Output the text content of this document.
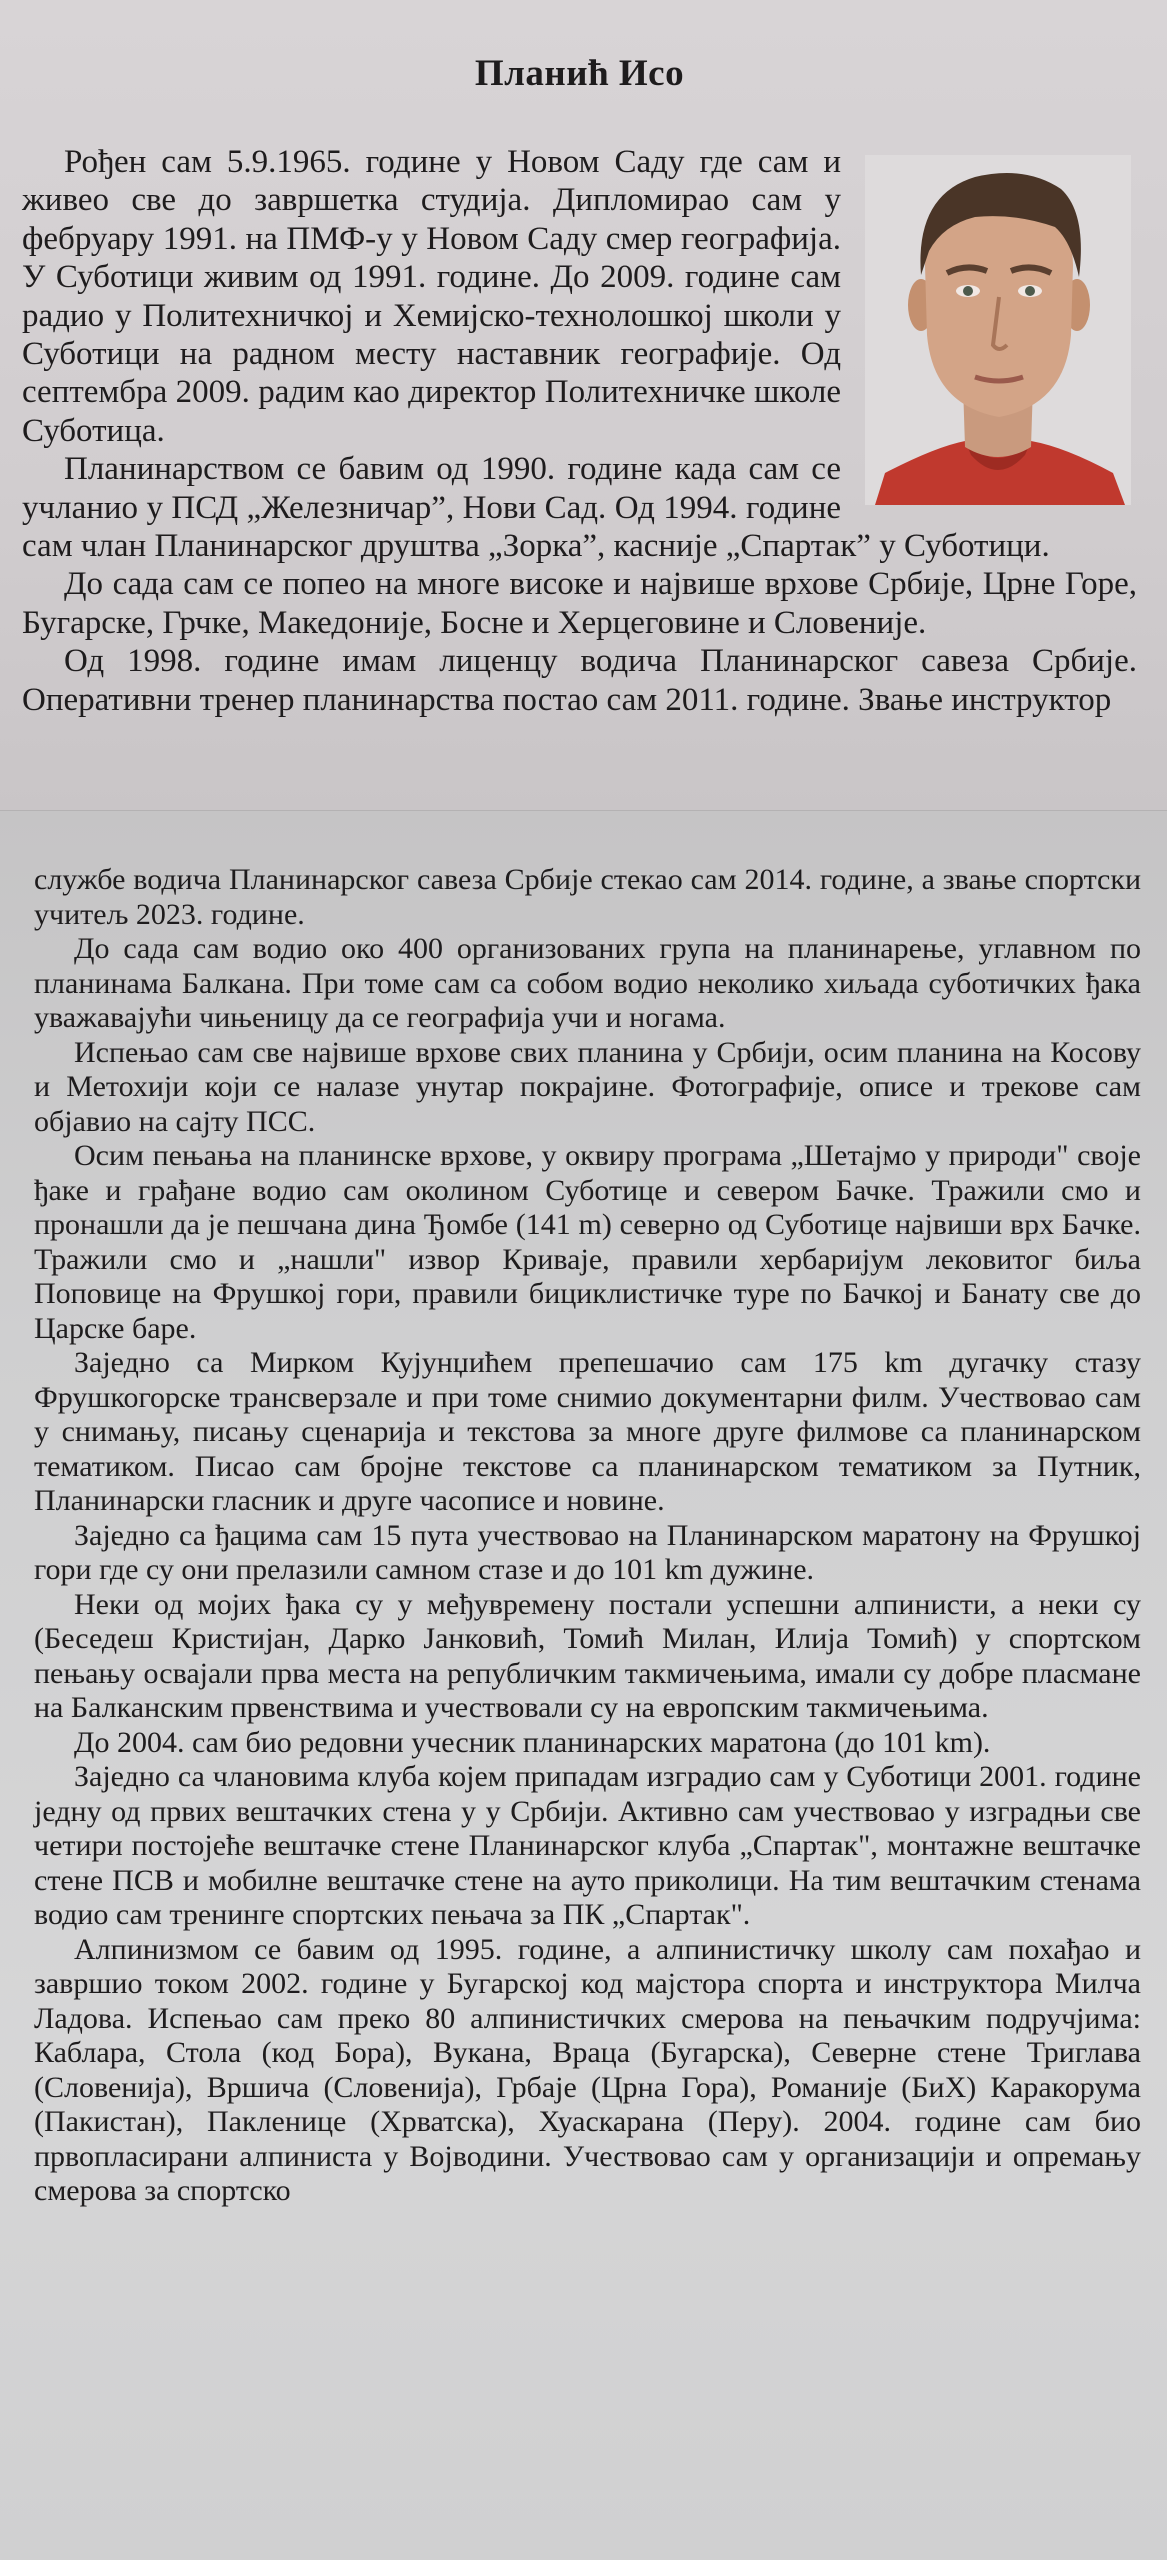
Планић Исо

Рођен сам 5.9.1965. године у Новом Саду где сам и живео све до завршетка студија. Дипломирао сам у фебруару 1991. на ПМФ-у у Новом Саду смер географија. У Суботици живим од 1991. године. До 2009. године сам радио у Политехничкој и Хемијско-технолошкој школи у Суботици на радном месту наставник географије. Од септембра 2009. радим као директор Политехничке школе Суботица.

Планинарством се бавим од 1990. године када сам се учланио у ПСД „Железничар”, Нови Сад. Од 1994. године сам члан Планинарског друштва „Зорка”, касније „Спартак” у Суботици.

До сада сам се попео на многе високе и највише врхове Србије, Црне Горе, Бугарске, Грчке, Македоније, Босне и Херцеговине и Словеније.

Од 1998. године имам лиценцу водича Планинарског савеза Србије. Оперативни тренер планинарства постао сам 2011. године. Звање инструктор

службе водича Планинарског савеза Србије стекао сам 2014. године, а звање спортски учитељ 2023. године.

До сада сам водио око 400 организованих група на планинарење, углавном по планинама Балкана. При томе сам са собом водио неколико хиљада суботичких ђака уважавајући чињеницу да се географија учи и ногама.

Испењао сам све највише врхове свих планина у Србији, осим планина на Косову и Метохији који се налазе унутар покрајине. Фотографије, описе и трекове сам објавио на сајту ПСС.

Осим пењања на планинске врхове, у оквиру програма „Шетајмо у природи" своје ђаке и грађане водио сам околином Суботице и севером Бачке. Тражили смо и пронашли да је пешчана дина Ђомбе (141 m) северно од Суботице највиши врх Бачке. Тражили смо и „нашли" извор Криваје, правили хербаријум лековитог биља Поповице на Фрушкој гори, правили бициклистичке туре по Бачкој и Банату све до Царске баре.

Заједно са Мирком Кујунџићем препешачио сам 175 km дугачку стазу Фрушкогорске трансверзале и при томе снимио документарни филм. Учествовао сам у снимању, писању сценарија и текстова за многе друге филмове са планинарском тематиком. Писао сам бројне текстове са планинарском тематиком за Путник, Планинарски гласник и друге часописе и новине.

Заједно са ђацима сам 15 пута учествовао на Планинарском маратону на Фрушкој гори где су они прелазили самном стазе и до 101 km дужине.

Неки од мојих ђака су у међувремену постали успешни алпинисти, а неки су (Беседеш Кристијан, Дарко Јанковић, Томић Милан, Илија Томић) у спортском пењању освајали прва места на републичким такмичењима, имали су добре пласмане на Балканским првенствима и учествовали су на европским такмичењима.

До 2004. сам био редовни учесник планинарских маратона (до 101 km).

Заједно са члановима клуба којем припадам изградио сам у Суботици 2001. године једну од првих вештачких стена у у Србији. Активно сам учествовао у изградњи све четири постојеће вештачке стене Планинарског клуба „Спартак", монтажне вештачке стене ПСВ и мобилне вештачке стене на ауто приколици. На тим вештачким стенама водио сам тренинге спортских пењача за ПК „Спартак".

Алпинизмом се бавим од 1995. године, а алпинистичку школу сам похађао и завршио током 2002. године у Бугарској код мајстора спорта и инструктора Милча Ладова. Испењао сам преко 80 алпинистичких смерова на пењачким подручјима: Каблара, Стола (код Бора), Вукана, Враца (Бугарска), Северне стене Триглава (Словенија), Вршича (Словенија), Грбаје (Црна Гора), Романије (БиХ) Каракорума (Пакистан), Пакленице (Хрватска), Хуаскарана (Перу). 2004. године сам био првопласирани алпиниста у Војводини. Учествовао сам у организацији и опремању смерова за спортско
